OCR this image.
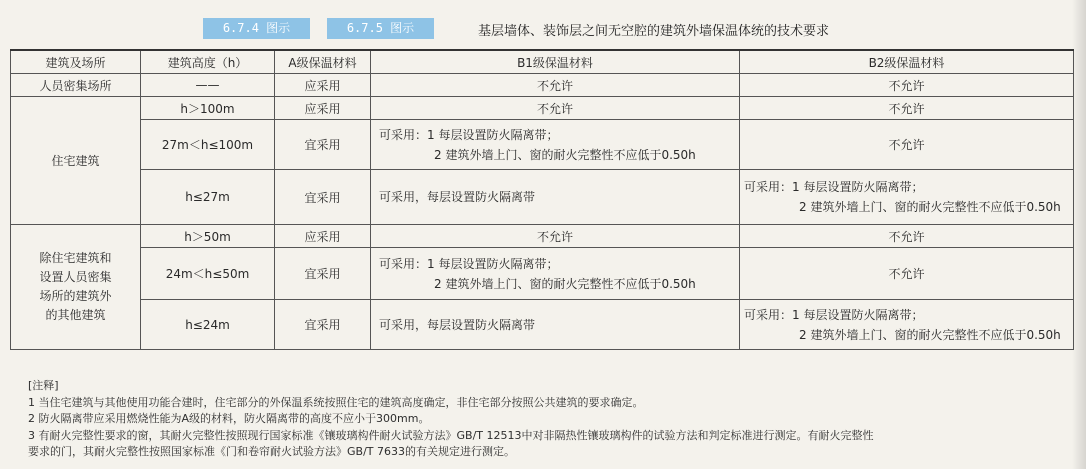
6.7.4 图示	6.7.5 图示	基层墙体、装饰层之间无空腔的建筑外墙保温体统的技术要求
建筑及场所	建筑高度（h）	A级保温材料	B1级保温材料	B2级保温材料
人员密集场所	——	应采用	不允许	不允许
住宅建筑	h＞100m	应采用	不允许	不允许
	27m＜h≤100m	宜采用	可采用：1 每层设置防火隔离带；
2 建筑外墙上门、窗的耐火完整性不应低于0.50h	不允许
	h≤27m	宜采用	可采用，每层设置防火隔离带	可采用：1 每层设置防火隔离带；
2 建筑外墙上门、窗的耐火完整性不应低于0.50h

除住宅建筑和
设置人员密集
场所的建筑外
的其他建筑	h＞50m	应采用	不允许	不允许
	24m＜h≤50m	宜采用	可采用：1 每层设置防火隔离带；
2 建筑外墙上门、窗的耐火完整性不应低于0.50h	不允许
	h≤24m	宜采用	可采用，每层设置防火隔离带	可采用：1 每层设置防火隔离带；
2 建筑外墙上门、窗的耐火完整性不应低于0.50h
[注释]
1 当住宅建筑与其他使用功能合建时，住宅部分的外保温系统按照住宅的建筑高度确定，非住宅部分按照公共建筑的要求确定。
2 防火隔离带应采用燃烧性能为A级的材料，防火隔离带的高度不应小于300mm。
3 有耐火完整性要求的窗，其耐火完整性按照现行国家标准《镶玻璃构件耐火试验方法》GB/T 12513中对非隔热性镶玻璃构件的试验方法和判定标准进行测定。有耐火完整性
要求的门，其耐火完整性按照国家标准《门和卷帘耐火试验方法》GB/T 7633的有关规定进行测定。
